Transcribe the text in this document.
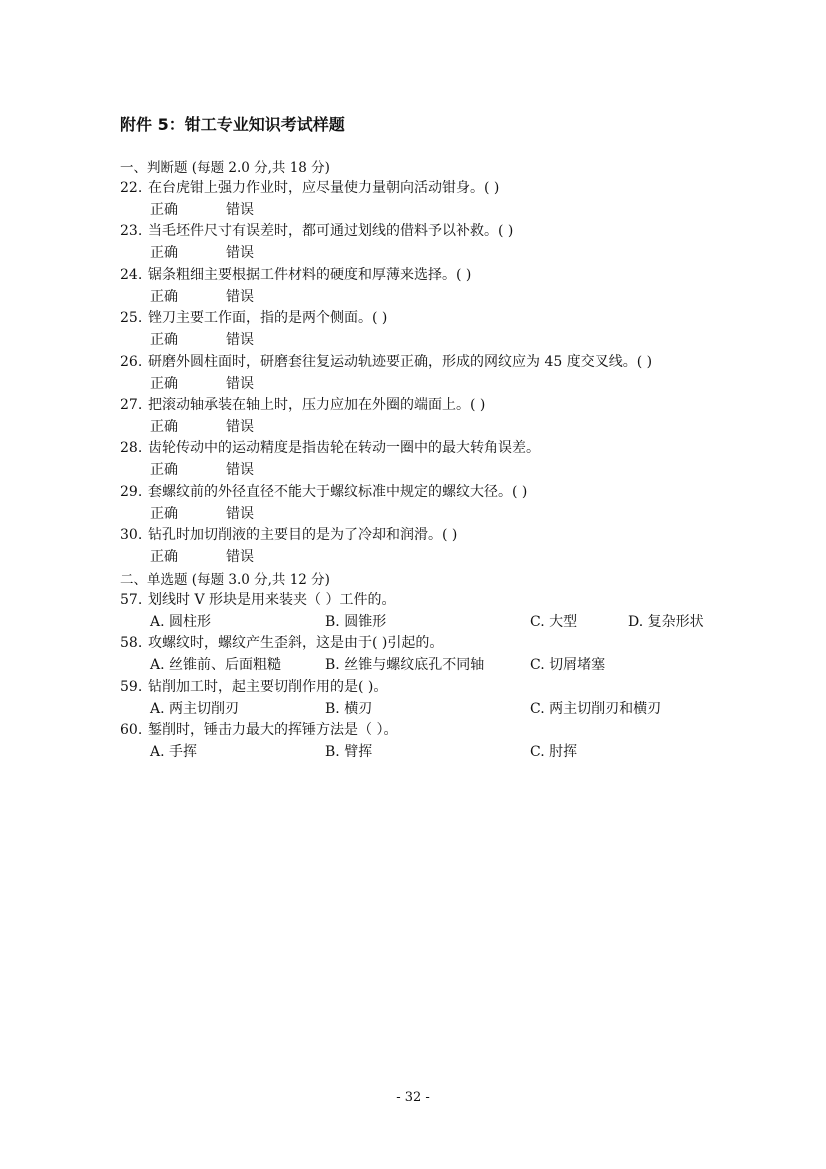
附件 5：钳工专业知识考试样题
一、判断题 (每题 2.0 分,共 18 分)
22. 在台虎钳上强力作业时，应尽量使力量朝向活动钳身。( )
正确	错误
23. 当毛坯件尺寸有误差时，都可通过划线的借料予以补救。( )
正确	错误
24. 锯条粗细主要根据工件材料的硬度和厚薄来选择。( )
正确	错误
25. 锉刀主要工作面，指的是两个侧面。( )
正确	错误
26. 研磨外圆柱面时，研磨套往复运动轨迹要正确，形成的网纹应为 45 度交叉线。( )
正确	错误
27. 把滚动轴承装在轴上时，压力应加在外圈的端面上。( )
正确	错误
28. 齿轮传动中的运动精度是指齿轮在转动一圈中的最大转角误差。
正确	错误
29. 套螺纹前的外径直径不能大于螺纹标准中规定的螺纹大径。( )
正确	错误
30. 钻孔时加切削液的主要目的是为了冷却和润滑。( )
正确	错误
二、单选题 (每题 3.0 分,共 12 分)
57. 划线时 V 形块是用来装夹（ ）工件的。
A. 圆柱形	B. 圆锥形	C. 大型	D. 复杂形状
58. 攻螺纹时，螺纹产生歪斜，这是由于( )引起的。
A. 丝锥前、后面粗糙	B. 丝锥与螺纹底孔不同轴	C. 切屑堵塞
59. 钻削加工时，起主要切削作用的是( )。
A. 两主切削刃	B. 横刃	C. 两主切削刃和横刃
60. 錾削时，锤击力最大的挥锤方法是（ ）。
A. 手挥	B. 臂挥	C. 肘挥
- 32 -
